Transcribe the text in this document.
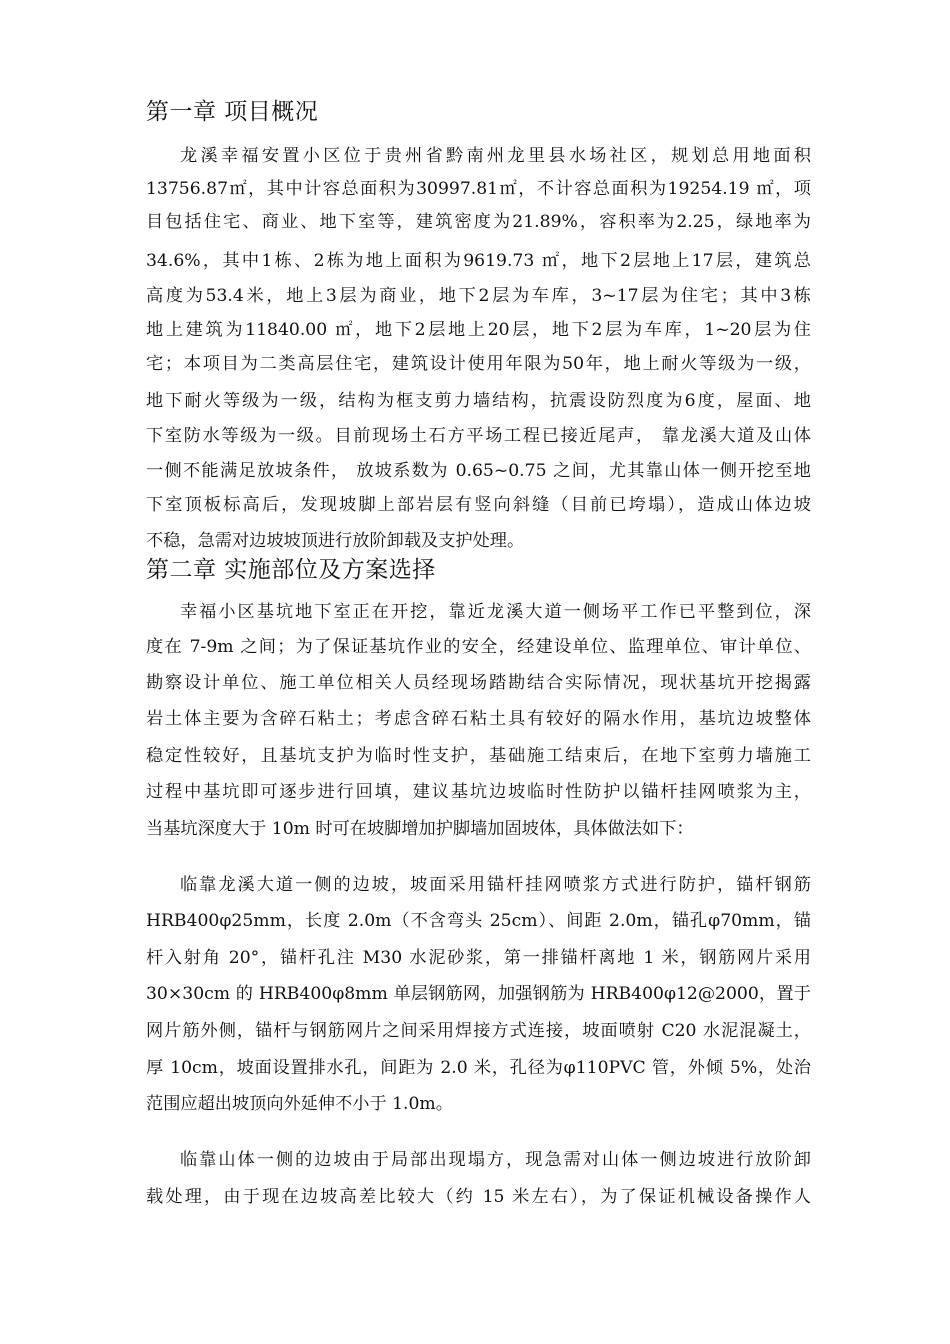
第一章 项目概况
龙溪幸福安置小区位于贵州省黔南州龙里县水场社区，规划总用地面积
13756.87㎡，其中计容总面积为30997.81㎡，不计容总面积为19254.19 ㎡，项
目包括住宅、商业、地下室等，建筑密度为21.89%，容积率为2.25，绿地率为
34.6%，其中1栋、2栋为地上面积为9619.73 ㎡，地下2层地上17层，建筑总
高度为53.4米，地上3层为商业，地下2层为车库，3~17层为住宅；其中3栋
地上建筑为11840.00 ㎡，地下2层地上20层，地下2层为车库，1~20层为住
宅；本项目为二类高层住宅，建筑设计使用年限为50年，地上耐火等级为一级，
地下耐火等级为一级，结构为框支剪力墙结构，抗震设防烈度为6度，屋面、地
下室防水等级为一级。目前现场土石方平场工程已接近尾声， 靠龙溪大道及山体
一侧不能满足放坡条件， 放坡系数为 0.65~0.75 之间，尤其靠山体一侧开挖至地
下室顶板标高后，发现坡脚上部岩层有竖向斜缝（目前已垮塌），造成山体边坡
不稳，急需对边坡坡顶进行放阶卸载及支护处理。
第二章 实施部位及方案选择
幸福小区基坑地下室正在开挖，靠近龙溪大道一侧场平工作已平整到位，深
度在 7-9m 之间；为了保证基坑作业的安全，经建设单位、监理单位、审计单位、
勘察设计单位、施工单位相关人员经现场踏勘结合实际情况，现状基坑开挖揭露
岩土体主要为含碎石粘土；考虑含碎石粘土具有较好的隔水作用，基坑边坡整体
稳定性较好，且基坑支护为临时性支护，基础施工结束后，在地下室剪力墙施工
过程中基坑即可逐步进行回填，建议基坑边坡临时性防护以锚杆挂网喷浆为主，
当基坑深度大于 10m 时可在坡脚增加护脚墙加固坡体，具体做法如下：
临靠龙溪大道一侧的边坡，坡面采用锚杆挂网喷浆方式进行防护，锚杆钢筋
HRB400φ25mm，长度 2.0m（不含弯头 25cm）、间距 2.0m，锚孔φ70mm，锚
杆入射角 20°，锚杆孔注 M30 水泥砂浆，第一排锚杆离地 1 米，钢筋网片采用
30×30cm 的 HRB400φ8mm 单层钢筋网，加强钢筋为 HRB400φ12@2000，置于
网片筋外侧，锚杆与钢筋网片之间采用焊接方式连接，坡面喷射 C20 水泥混凝土，
厚 10cm，坡面设置排水孔，间距为 2.0 米，孔径为φ110PVC 管，外倾 5%，处治
范围应超出坡顶向外延伸不小于 1.0m。
临靠山体一侧的边坡由于局部出现塌方，现急需对山体一侧边坡进行放阶卸
载处理，由于现在边坡高差比较大（约 15 米左右），为了保证机械设备操作人
